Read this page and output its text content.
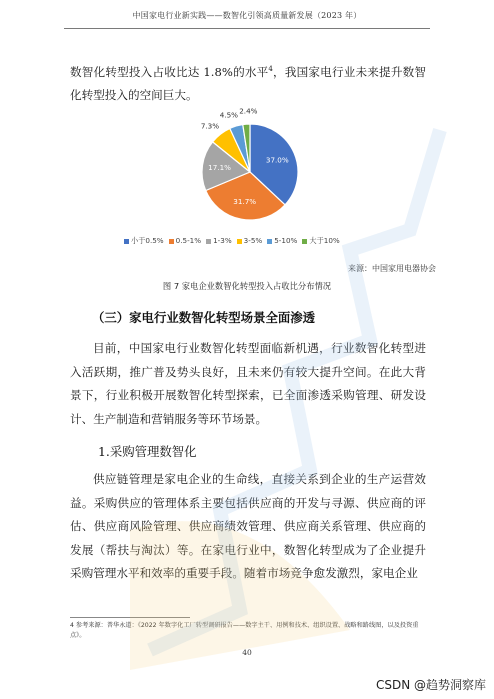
中国家电行业新实践——数智化引领高质量新发展（2023 年）
数智化转型投入占收比达 1.8%的水平$^4$，我国家电行业未来提升数智化转型投入的空间巨大。
37.0%
31.7%
17.1%
7.3%
4.5% 2.4%
小于0.5% 0.5-1% 1-3% 3-5% 5-10% 大于10%
来源：中国家用电器协会
图 7 家电企业数智化转型投入占收比分布情况
（三）家电行业数智化转型场景全面渗透
目前，中国家电行业数智化转型面临新机遇，行业数智化转型进入活跃期，推广普及势头良好，且未来仍有较大提升空间。在此大背景下，行业积极开展数智化转型探索，已全面渗透采购管理、研发设计、生产制造和营销服务等环节场景。
1.采购管理数智化
供应链管理是家电企业的生命线，直接关系到企业的生产运营效益。采购供应的管理体系主要包括供应商的开发与寻源、供应商的评估、供应商风险管理、供应商绩效管理、供应商关系管理、供应商的发展（帮扶与淘汰）等。在家电行业中，数智化转型成为了企业提升采购管理水平和效率的重要手段。随着市场竞争愈发激烈，家电企业
4 参考来源：普华永道：《2022 年数字化工厂转型调研报告——数字主干、用例和技术、组织设置、战略和路线图，以及投资重点》。
40
CSDN @趋势洞察库
